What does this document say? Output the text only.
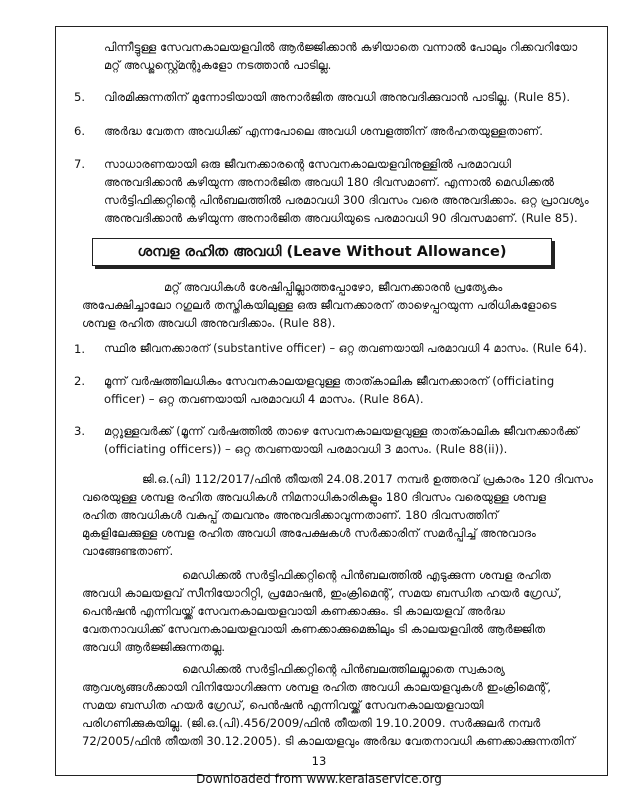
പിന്നീട്ടുള്ള സേവനകാലയളവിൽ ആർജ്ജിക്കാൻ കഴിയാതെ വന്നാൽ പോലും റിക്കവറിയോ

മറ്റ് അഡ്ജസ്റ്റ്മെന്റുകളോ നടത്താൻ പാടില്ല.

5. വിരമിക്കുന്നതിന് മുന്നോടിയായി അനാർജിത അവധി അനുവദിക്കുവാൻ പാടില്ല. (Rule 85).

6. അർദ്ധ വേതന അവധിക്ക് എന്നപോലെ അവധി ശമ്പളത്തിന് അർഹതയുള്ളതാണ്.

7. സാധാരണയായി ഒരു ജീവനക്കാരന്റെ സേവനകാലയളവിനുള്ളിൽ പരമാവധി

അനുവദിക്കാൻ കഴിയുന്ന അനാർജിത അവധി 180 ദിവസമാണ്. എന്നാൽ മെഡിക്കൽ

സർട്ടിഫിക്കറ്റിന്റെ പിൻബലത്തിൽ പരമാവധി 300 ദിവസം വരെ അനുവദിക്കാം. ഒറ്റ പ്രാവശ്യം

അനുവദിക്കാൻ കഴിയുന്ന അനാർജിത അവധിയുടെ പരമാവധി 90 ദിവസമാണ്. (Rule 85).

ശമ്പള രഹിത അവധി (Leave Without Allowance)

മറ്റ് അവധികൾ ശേഷിപ്പില്ലാത്തപ്പോഴോ, ജീവനക്കാരൻ പ്രത്യേകം

അപേക്ഷിച്ചാലോ റഗുലർ തസ്തികയിലുള്ള ഒരു ജീവനക്കാരന് താഴെപ്പറയുന്ന പരിധികളോടെ

ശമ്പള രഹിത അവധി അനുവദിക്കാം. (Rule 88).

1. സ്ഥിര ജീവനക്കാരന് (substantive officer) – ഒറ്റ തവണയായി പരമാവധി 4 മാസം. (Rule 64).

2. മൂന്ന് വർഷത്തിലധികം സേവനകാലയളവുള്ള താത്കാലിക ജീവനക്കാരന് (officiating

officer) – ഒറ്റ തവണയായി പരമാവധി 4 മാസം. (Rule 86A).

3. മറ്റുള്ളവർക്ക് (മൂന്ന് വർഷത്തിൽ താഴെ സേവനകാലയളവുള്ള താത്കാലിക ജീവനക്കാർക്ക്

(officiating officers)) – ഒറ്റ തവണയായി പരമാവധി 3 മാസം. (Rule 88(ii)).

ജി.ഒ.(പി) 112/2017/ഫിൻ തീയതി 24.08.2017 നമ്പർ ഉത്തരവ് പ്രകാരം 120 ദിവസം

വരെയുള്ള ശമ്പള രഹിത അവധികൾ നിമനാധികാരികളും 180 ദിവസം വരെയുള്ള ശമ്പള

രഹിത അവധികൾ വകുപ്പ് തലവനും അനുവദിക്കാവുന്നതാണ്. 180 ദിവസത്തിന്

മുകളിലേക്കുള്ള ശമ്പള രഹിത അവധി അപേക്ഷകൾ സർക്കാരിന് സമർപ്പിച്ച് അനുവാദം

വാങ്ങേണ്ടതാണ്.

മെഡിക്കൽ സർട്ടിഫിക്കറ്റിന്റെ പിൻബലത്തിൽ എടുക്കുന്ന ശമ്പള രഹിത

അവധി കാലയളവ് സീനിയോറിറ്റി, പ്രമോഷൻ, ഇംക്രിമെന്റ്, സമയ ബന്ധിത ഹയർ ഗ്രേഡ്,

പെൻഷൻ എന്നിവയ്ക്ക് സേവനകാലയളവായി കണക്കാക്കും. ടി കാലയളവ് അർദ്ധ

വേതനാവധിക്ക് സേവനകാലയളവായി കണക്കാക്കുമെങ്കിലും ടി കാലയളവിൽ ആർജ്ജിത

അവധി ആർജ്ജിക്കുന്നതല്ല.

മെഡിക്കൽ സർട്ടിഫിക്കറ്റിന്റെ പിൻബലത്തിലല്ലാതെ സ്വകാര്യ

ആവശ്യങ്ങൾക്കായി വിനിയോഗിക്കുന്ന ശമ്പള രഹിത അവധി കാലയളവുകൾ ഇംക്രിമെന്റ്,

സമയ ബന്ധിത ഹയർ ഗ്രേഡ്, പെൻഷൻ എന്നിവയ്ക്ക് സേവനകാലയളവായി

പരിഗണിക്കുകയില്ല. (ജി.ഒ.(പി).456/2009/ഫിൻ തീയതി 19.10.2009. സർക്കുലർ നമ്പർ

72/2005/ഫിൻ തീയതി 30.12.2005). ടി കാലയളവും അർദ്ധ വേതനാവധി കണക്കാക്കുന്നതിന്

13
Downloaded from www.keralaservice.org
